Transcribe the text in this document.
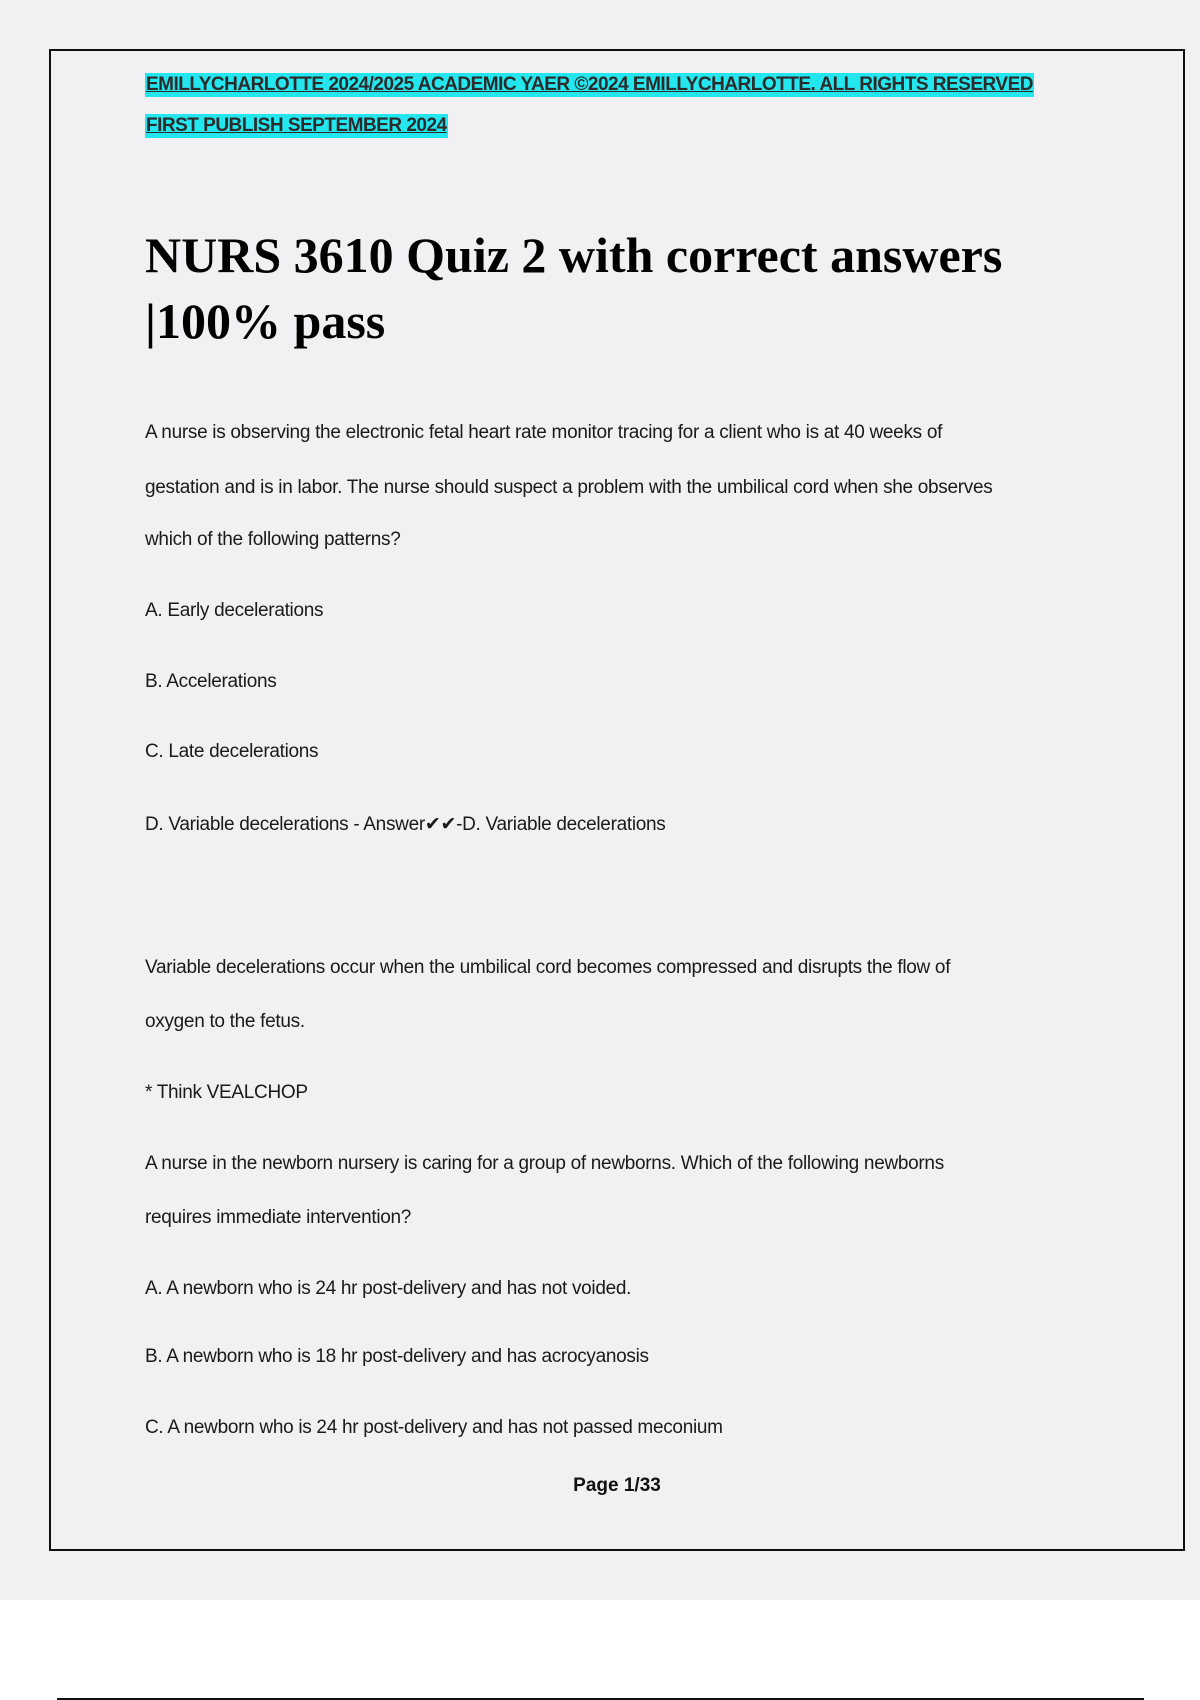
EMILLYCHARLOTTE 2024/2025 ACADEMIC YAER ©2024 EMILLYCHARLOTTE. ALL RIGHTS RESERVED
FIRST PUBLISH SEPTEMBER 2024
NURS 3610 Quiz 2 with correct answers |100% pass
A nurse is observing the electronic fetal heart rate monitor tracing for a client who is at 40 weeks of
gestation and is in labor. The nurse should suspect a problem with the umbilical cord when she observes
which of the following patterns?
A. Early decelerations
B. Accelerations
C. Late decelerations
D. Variable decelerations - Answer✔✔-D. Variable decelerations
Variable decelerations occur when the umbilical cord becomes compressed and disrupts the flow of
oxygen to the fetus.
* Think VEALCHOP
A nurse in the newborn nursery is caring for a group of newborns. Which of the following newborns
requires immediate intervention?
A. A newborn who is 24 hr post-delivery and has not voided.
B. A newborn who is 18 hr post-delivery and has acrocyanosis
C. A newborn who is 24 hr post-delivery and has not passed meconium
Page 1/33
